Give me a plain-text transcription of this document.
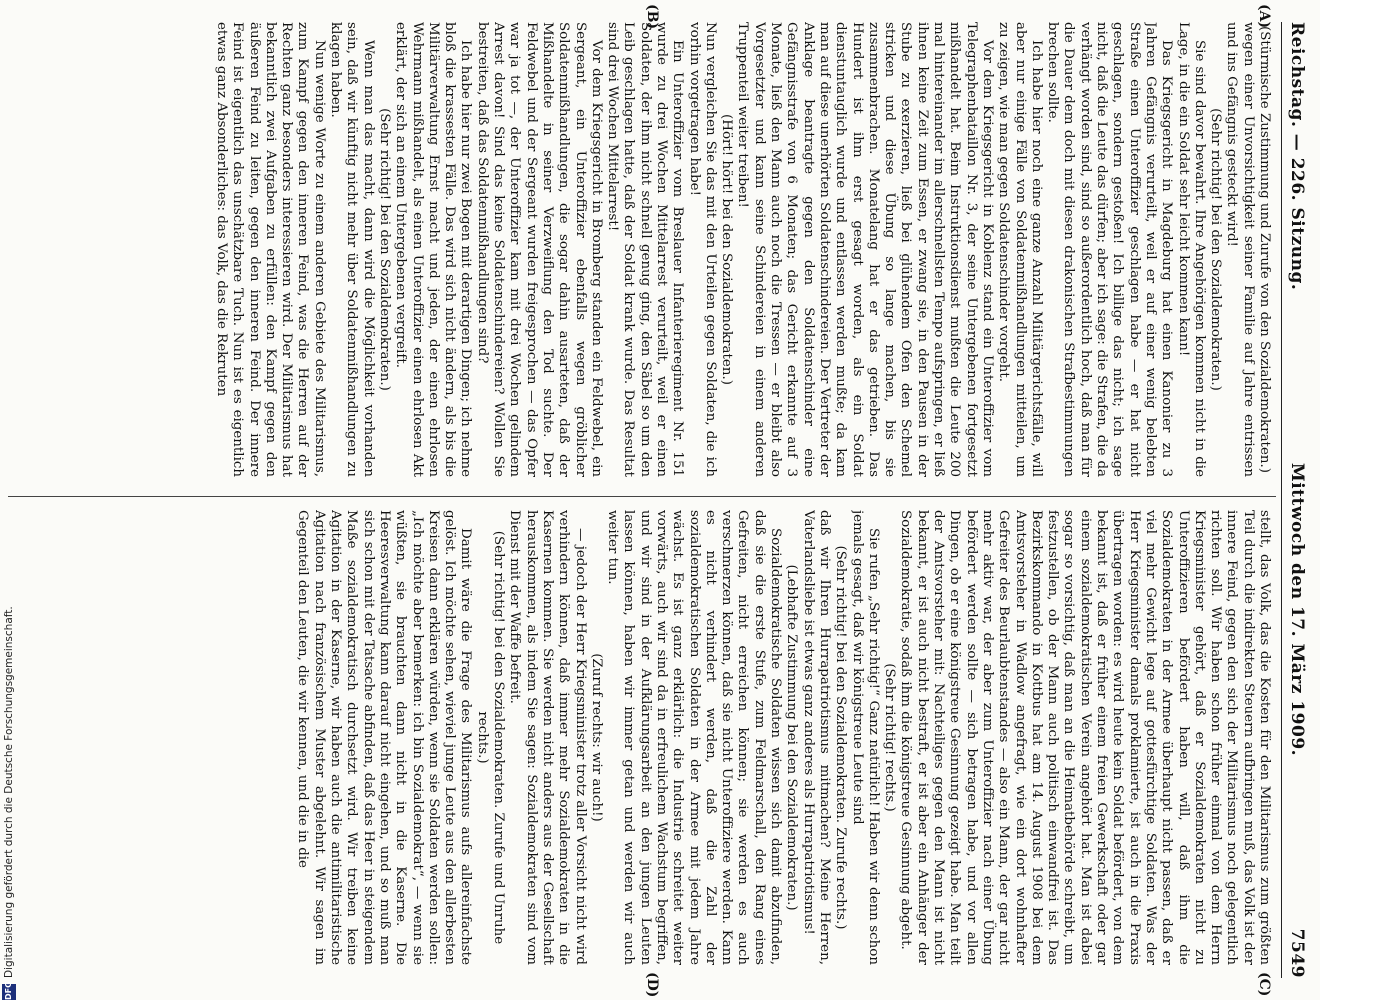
Reichstag. — 226. Sitzung.
Mittwoch den 17. März 1909.
7549
(A)
(B)
(C)
(D)

(Stürmische Zustimmung und Zurufe von den Sozialdemokraten.)

wegen einer Unvorsichtigkeit seiner Familie auf Jahre entrissen und ins Gefängnis gesteckt wird!

(Sehr richtig! bei den Sozialdemokraten.)

Sie sind davor bewahrt. Ihre Angehörigen kommen nicht in die Lage, in die ein Soldat sehr leicht kommen kann!

Das Kriegsgericht in Magdeburg hat einen Kanonier zu 3 Jahren Gefängnis verurteilt, weil er auf einer wenig belebten Straße einen Unteroffizier geschlagen habe — er hat nicht geschlagen, sondern gestoßen! Ich billige das nicht; ich sage nicht, daß die Leute das dürfen; aber ich sage: die Strafen, die da verhängt worden sind, sind so außerordentlich hoch, daß man für die Dauer dem doch mit diesen drakonischen Strafbestimmungen brechen sollte.

Ich habe hier noch eine ganze Anzahl Militärgerichtsfälle, will aber nur einige Fälle von Soldatenmißhandlungen mitteilen, um zu zeigen, wie man gegen Soldatenschinder vorgeht.

Vor dem Kriegsgericht in Koblenz stand ein Unteroffizier vom Telegraphenbataillon Nr. 3, der seine Untergebenen fortgesetzt mißhandelt hat. Beim Instruktionsdienst mußten die Leute 200 mal hintereinander im allerschnellsten Tempo aufspringen, er ließ ihnen keine Zeit zum Essen, er zwang sie, in den Pausen in der Stube zu exerzieren, ließ bei glühendem Ofen den Schemel stricken und diese Übung so lange machen, bis sie zusammenbrachen. Monatelang hat er das getrieben. Das Hundert ist ihm erst gesagt worden, als ein Soldat dienstuntauglich wurde und entlassen werden mußte; da kam man auf diese unerhörten Soldatenschindereien. Der Vertreter der Anklage beantragte gegen den Soldatenschinder eine Gefängnisstrafe von 6 Monaten; das Gericht erkannte auf 3 Monate, ließ den Mann auch noch die Tressen — er bleibt also Vorgesetzter und kann seine Schindereien in einem anderen Truppenteil weiter treiben!

(Hört! hört! bei den Sozialdemokraten.)

Nun vergleichen Sie das mit den Urteilen gegen Soldaten, die ich vorhin vorgetragen habe!

Ein Unteroffizier vom Breslauer Infanterieregiment Nr. 151 wurde zu drei Wochen Mittelarrest verurteilt, weil er einen Soldaten, der ihm nicht schnell genug ging, den Säbel so um den Leib geschlagen hatte, daß der Soldat krank wurde. Das Resultat sind drei Wochen Mittelarrest!

Vor dem Kriegsgericht in Bromberg standen ein Feldwebel, ein Sergeant, ein Unteroffizier ebenfalls wegen gröblicher Soldatenmißhandlungen, die sogar dahin ausarteten, daß der Mißhandelte in seiner Verzweiflung den Tod suchte. Der Feldwebel und der Sergeant wurden freigesprochen — das Opfer war ja tot —, der Unteroffizier kam mit drei Wochen gelindem Arrest davon! Sind das keine Soldatenschindereien? Wollen Sie bestreiten, daß das Soldatenmißhandlungen sind?

Ich habe hier nur zwei Bogen mit derartigen Dingen; ich nehme bloß die krassesten Fälle. Das wird sich nicht ändern, als bis die Militärverwaltung Ernst macht und jeden, der einen ehrlosen Wehrmann mißhandelt, als einen Unteroffizier einen ehrlosen Akt erklärt, der sich an einem Untergebenen vergreift.

(Sehr richtig! bei den Sozialdemokraten.)

Wenn man das macht, dann wird die Möglichkeit vorhanden sein, daß wir künftig nicht mehr über Soldatenmißhandlungen zu klagen haben.

Nun wenige Worte zu einem anderen Gebiete des Militarismus, zum Kampf gegen den inneren Feind, was die Herren auf der Rechten ganz besonders interessieren wird. Der Militarismus hat bekanntlich zwei Aufgaben zu erfüllen: den Kampf gegen den äußeren Feind zu leiten, gegen den inneren Feind. Der innere Feind ist eigentlich das unschätzbare Tuch. Nun ist es eigentlich etwas ganz Absonderliches: das Volk, das die Rekruten

stellt, das Volk, das die Kosten für den Militarismus zum größten Teil durch die indirekten Steuern aufbringen muß, das Volk ist der innere Feind, gegen den sich der Militarismus noch gelegentlich richten soll. Wir haben schon früher einmal von dem Herrn Kriegsminister gehört, daß er Sozialdemokraten nicht zu Unteroffizieren befördert haben will, daß ihm die Sozialdemokraten in der Armee überhaupt nicht passen, daß er viel mehr Gewicht lege auf gottesfürchtige Soldaten. Was der Herr Kriegsminister damals proklamierte, ist auch in die Praxis übertragen worden: es wird heute kein Soldat befördert, von dem bekannt ist, daß er früher einem freien Gewerkschaft oder gar einem sozialdemokratischen Verein angehört hat. Man ist dabei sogar so vorsichtig, daß man an die Heimatbehörde schreibt, um festzustellen, ob der Mann auch politisch einwandfrei ist. Das Bezirkskommando in Kottbus hat am 14. August 1908 bei dem Amtsvorsteher in Wadlow angefragt, wie ein dort wohnhafter Gefreiter des Beurlaubtenstandes — also ein Mann, der gar nicht mehr aktiv war, der aber zum Unteroffizier nach einer Übung befördert werden sollte — sich betragen habe, und vor allen Dingen, ob er eine königstreue Gesinnung gezeigt habe. Man teilt der Amtsvorsteher mit: Nachteiliges gegen den Mann ist nicht bekannt, er ist auch nicht bestraft, er ist aber ein Anhänger der Sozialdemokratie, sodaß ihm die königstreue Gesinnung abgeht.

(Sehr richtig! rechts.)

Sie rufen „Sehr richtig!“ Ganz natürlich! Haben wir denn schon jemals gesagt, daß wir königstreue Leute sind

(Sehr richtig! bei den Sozialdemokraten. Zurufe rechts.)

daß wir Ihren Hurrapatriotismus mitmachen? Meine Herren, Vaterlandsliebe ist etwas ganz anderes als Hurrapatriotismus!

(Lebhafte Zustimmung bei den Sozialdemokraten.)

Sozialdemokratische Soldaten wissen sich damit abzufinden, daß sie die erste Stufe, zum Feldmarschall, den Rang eines Gefreiten, nicht erreichen können; sie werden es auch verschmerzen können, daß sie nicht Unteroffiziere werden. Kann es nicht verhindert werden, daß die Zahl der sozialdemokratischen Soldaten in der Armee mit jedem Jahre wächst. Es ist ganz erklärlich: die Industrie schreitet weiter vorwärts, auch wir sind da in erfreulichem Wachstum begriffen, und wir sind in der Aufklärungsarbeit an den jungen Leuten lassen können, haben wir immer getan und werden wir auch weiter tun.

(Zuruf rechts: wir auch!)

— jedoch der Herr Kriegsminister trotz aller Vorsicht nicht wird verhindern können, daß immer mehr Sozialdemokraten in die Kasernen kommen. Sie werden nicht anders aus der Gesellschaft herauskommen, als indem Sie sagen: Sozialdemokraten sind vom Dienst mit der Waffe befreit.

(Sehr richtig! bei den Sozialdemokraten. Zurufe und Unruhe rechts.)

Damit wäre die Frage des Militarismus aufs allereinfachste gelöst. Ich möchte sehen, wieviel junge Leute aus den allerbesten Kreisen dann erklären würden, wenn sie Soldaten werden sollen: „Ich möchte aber bemerken: ich bin Sozialdemokrat“, — wenn sie wüßten, sie brauchten dann nicht in die Kaserne. Die Heeresverwaltung kann darauf nicht eingehen, und so muß man sich schon mit der Tatsache abfinden, daß das Heer in steigendem Maße sozialdemokratisch durchsetzt wird. Wir treiben keine Agitation in der Kaserne, wir haben auch die antimilitaristische Agitation nach französischem Muster abgelehnt. Wir sagen im Gegenteil den Leuten, die wir kennen, und die in die

DFG
Digitalisierung gefördert durch die Deutsche Forschungsgemeinschaft.
